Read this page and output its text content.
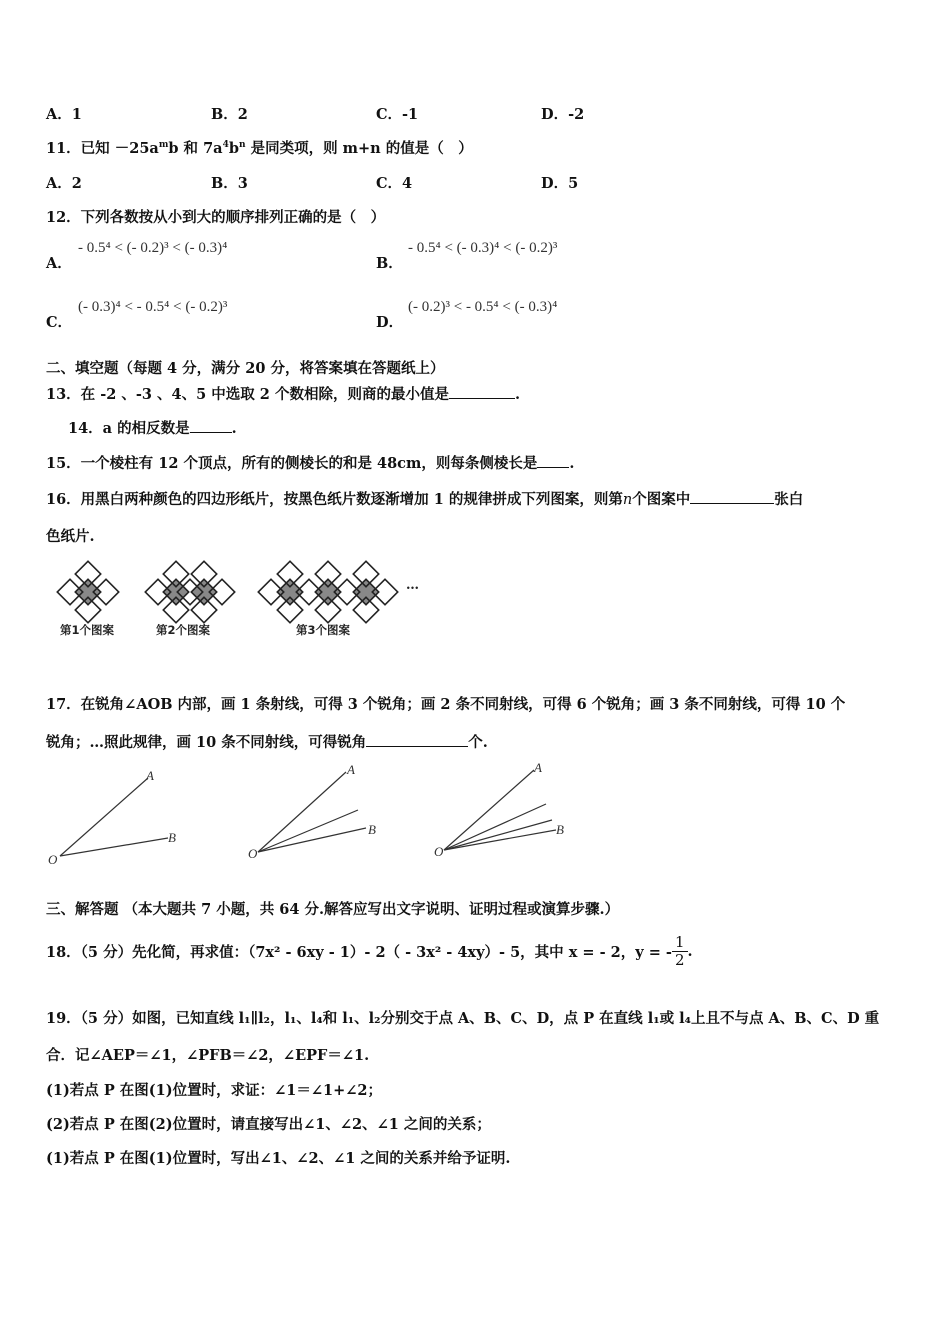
A．1	B．2	C．-1	D．-2
11．已知 $-25a^mb$ 和 $7a^4b^n$ 是同类项，则 m+n 的值是（　）
A．2	B．3	C．4	D．5
12．下列各数按从小到大的顺序排列正确的是（　）
A．
- 0.5⁴ < (- 0.2)³ < (- 0.3)⁴
B．
- 0.5⁴ < (- 0.3)⁴ < (- 0.2)³
C．
(- 0.3)⁴ < - 0.5⁴ < (- 0.2)³
D．
(- 0.2)³ < - 0.5⁴ < (- 0.3)⁴
二、填空题（每题 4 分，满分 20 分，将答案填在答题纸上）
13．在 -2 、-3 、4、5 中选取 2 个数相除，则商的最小值是	.
14．a 的相反数是	.
15．一个棱柱有 12 个顶点，所有的侧棱长的和是 48cm，则每条侧棱长是 .
16．用黑白两种颜色的四边形纸片，按黑色纸片数逐渐增加 1 的规律拼成下列图案，则第n个图案中	张白
色纸片.
…
第1个图案	第2个图案	第3个图案
17．在锐角∠AOB 内部，画 1 条射线，可得 3 个锐角；画 2 条不同射线，可得 6 个锐角；画 3 条不同射线，可得 10 个
锐角；…照此规律，画 10 条不同射线，可得锐角	个.
A
B
O
A
B
O
A
B
O
三、解答题 （本大题共 7 小题，共 64 分.解答应写出文字说明、证明过程或演算步骤.）
18．（5 分）先化简，再求值：（7x² - 6xy - 1）- 2（ - 3x² - 4xy）- 5，其中 x = - 2，y = - $\frac{1}{2}$ .
19．（5 分）如图，已知直线 l₁∥l₂，l₁、l₄和 l₁、l₂分别交于点 A、B、C、D，点 P 在直线 l₁或 l₄上且不与点 A、B、C、D 重
合．记∠AEP＝∠1，∠PFB＝∠2，∠EPF＝∠1.
(1)若点 P 在图(1)位置时，求证：∠1＝∠1+∠2；
(2)若点 P 在图(2)位置时，请直接写出∠1、∠2、∠1 之间的关系；
(1)若点 P 在图(1)位置时，写出∠1、∠2、∠1 之间的关系并给予证明.
